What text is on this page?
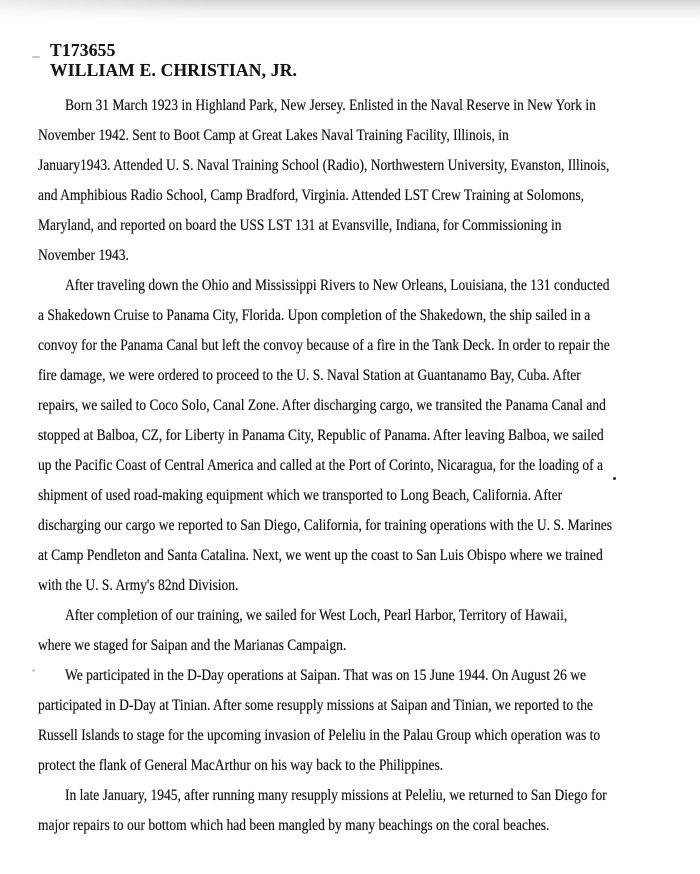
T173655
WILLIAM E. CHRISTIAN, JR.
Born 31 March 1923 in Highland Park, New Jersey. Enlisted in the Naval Reserve in New York in
November 1942. Sent to Boot Camp at Great Lakes Naval Training Facility, Illinois, in
January1943. Attended U. S. Naval Training School (Radio), Northwestern University, Evanston, Illinois,
and Amphibious Radio School, Camp Bradford, Virginia. Attended LST Crew Training at Solomons,
Maryland, and reported on board the USS LST 131 at Evansville, Indiana, for Commissioning in
November 1943.
After traveling down the Ohio and Mississippi Rivers to New Orleans, Louisiana, the 131 conducted
a Shakedown Cruise to Panama City, Florida. Upon completion of the Shakedown, the ship sailed in a
convoy for the Panama Canal but left the convoy because of a fire in the Tank Deck. In order to repair the
fire damage, we were ordered to proceed to the U. S. Naval Station at Guantanamo Bay, Cuba. After
repairs, we sailed to Coco Solo, Canal Zone. After discharging cargo, we transited the Panama Canal and
stopped at Balboa, CZ, for Liberty in Panama City, Republic of Panama. After leaving Balboa, we sailed
up the Pacific Coast of Central America and called at the Port of Corinto, Nicaragua, for the loading of a
shipment of used road-making equipment which we transported to Long Beach, California. After
discharging our cargo we reported to San Diego, California, for training operations with the U. S. Marines
at Camp Pendleton and Santa Catalina. Next, we went up the coast to San Luis Obispo where we trained
with the U. S. Army's 82nd Division.
After completion of our training, we sailed for West Loch, Pearl Harbor, Territory of Hawaii,
where we staged for Saipan and the Marianas Campaign.
We participated in the D-Day operations at Saipan. That was on 15 June 1944. On August 26 we
participated in D-Day at Tinian. After some resupply missions at Saipan and Tinian, we reported to the
Russell Islands to stage for the upcoming invasion of Peleliu in the Palau Group which operation was to
protect the flank of General MacArthur on his way back to the Philippines.
In late January, 1945, after running many resupply missions at Peleliu, we returned to San Diego for
major repairs to our bottom which had been mangled by many beachings on the coral beaches.
